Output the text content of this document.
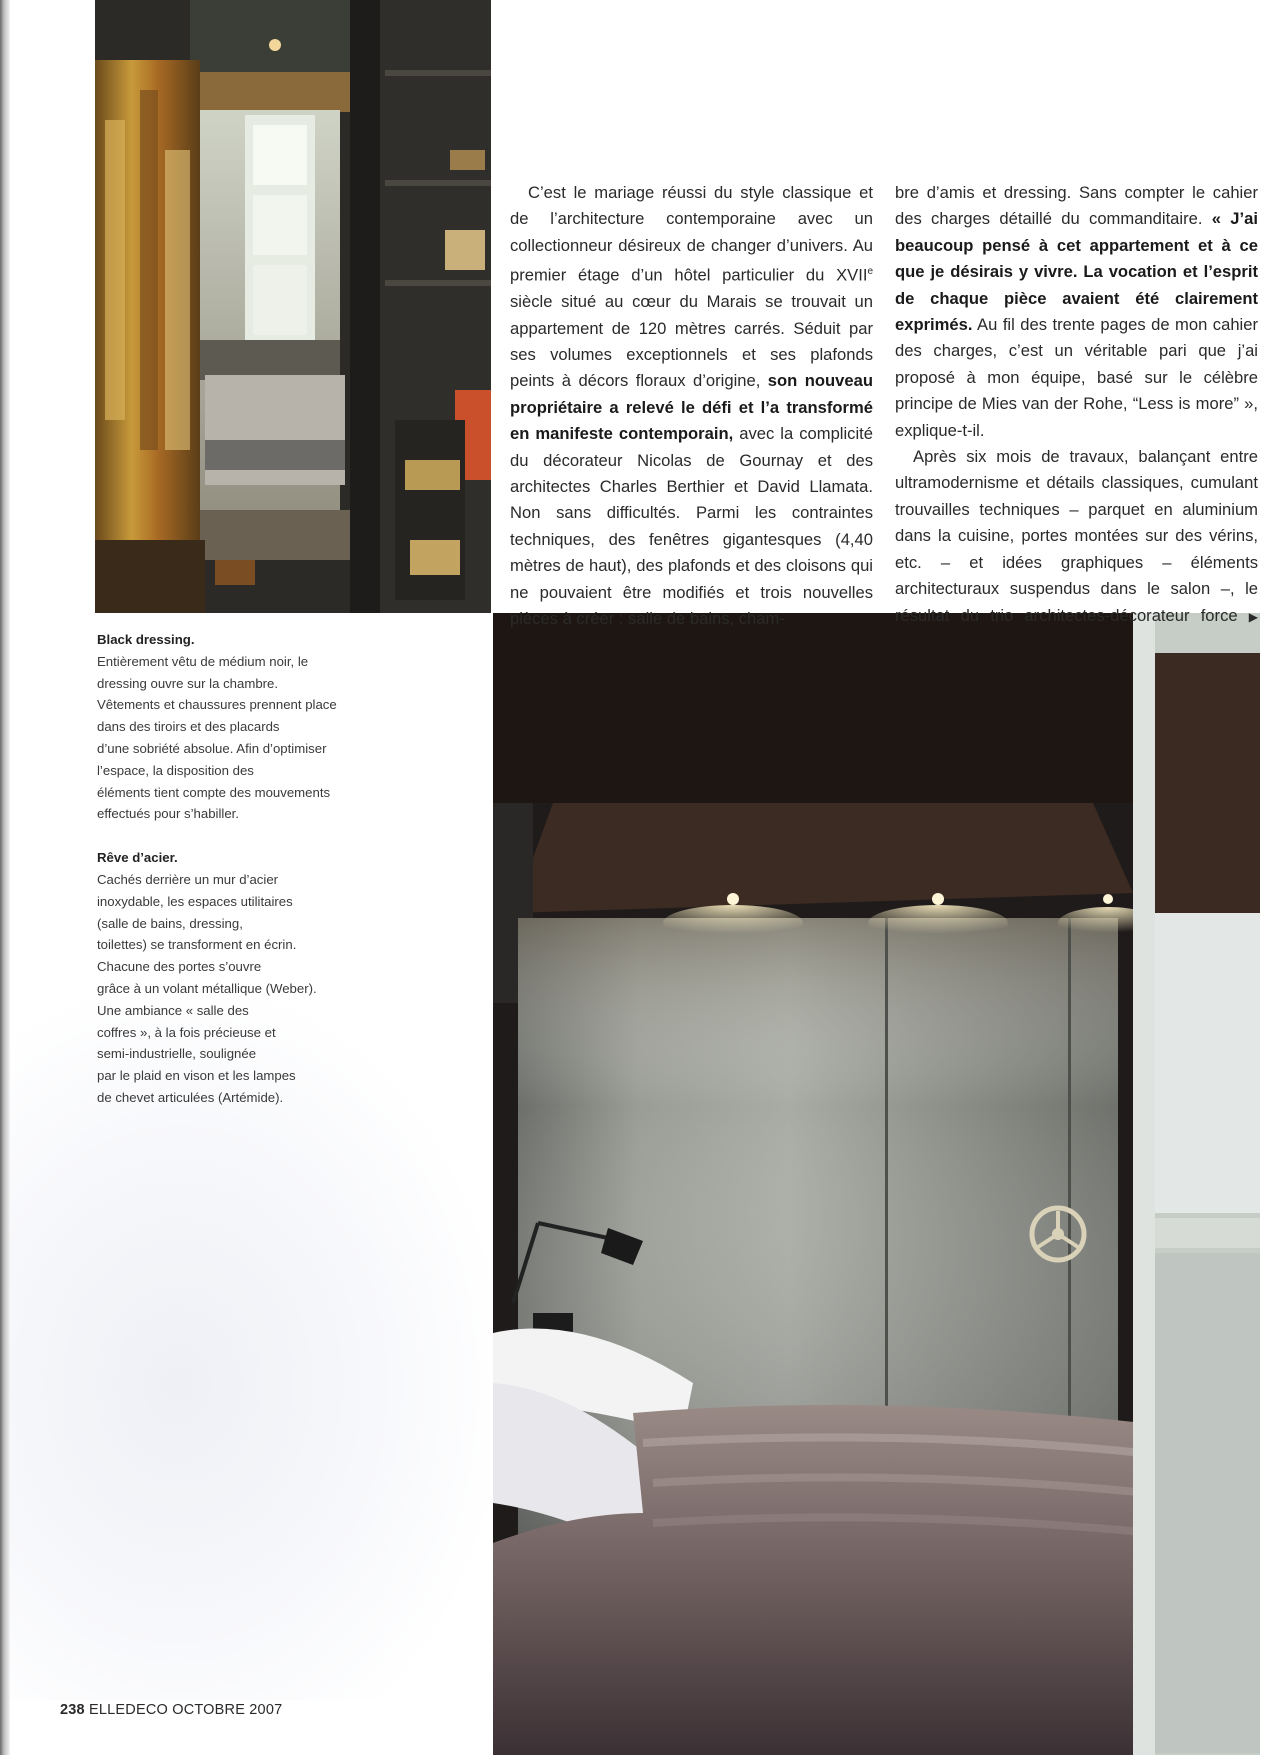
C’est le mariage réussi du style classique et de l’architecture contemporaine avec un collectionneur désireux de changer d’univers. Au premier étage d’un hôtel particulier du XVIIe siècle situé au cœur du Marais se trouvait un appartement de 120 mètres carrés. Séduit par ses volumes exceptionnels et ses plafonds peints à décors floraux d’origine, son nouveau propriétaire a relevé le défi et l’a transformé en manifeste contemporain, avec la complicité du décorateur Nicolas de Gournay et des architectes Charles Berthier et David Llamata. Non sans difficultés. Parmi les contraintes techniques, des fenêtres gigantesques (4,40 mètres de haut), des plafonds et des cloisons qui ne pouvaient être modifiés et trois nouvelles pièces à créer : salle de bains, cham-

bre d’amis et dressing. Sans compter le cahier des charges détaillé du commanditaire. « J’ai beaucoup pensé à cet appartement et à ce que je désirais y vivre. La vocation et l’esprit de chaque pièce avaient été clairement exprimés. Au fil des trente pages de mon cahier des charges, c’est un véritable pari que j’ai proposé à mon équipe, basé sur le célèbre principe de Mies van der Rohe, “Less is more” », explique-t-il.

Après six mois de travaux, balançant entre ultramodernisme et détails classiques, cumulant trouvailles techniques – parquet en aluminium dans la cuisine, portes montées sur des vérins, etc. – et idées graphiques – éléments architecturaux suspendus dans le salon –, le résultat du trio architectes-décorateur force ▶

Black dressing.
Entièrement vêtu de médium noir, le
dressing ouvre sur la chambre.
Vêtements et chaussures prennent place
dans des tiroirs et des placards
d’une sobriété absolue. Afin d’optimiser
l’espace, la disposition des
éléments tient compte des mouvements
effectués pour s’habiller.
Rêve d’acier.
Cachés derrière un mur d’acier
inoxydable, les espaces utilitaires
(salle de bains, dressing,
toilettes) se transforment en écrin.
Chacune des portes s’ouvre
grâce à un volant métallique (Weber).
Une ambiance « salle des
coffres », à la fois précieuse et
semi-industrielle, soulignée
par le plaid en vison et les lampes
de chevet articulées (Artémide).
238 ELLEDECO OCTOBRE 2007
